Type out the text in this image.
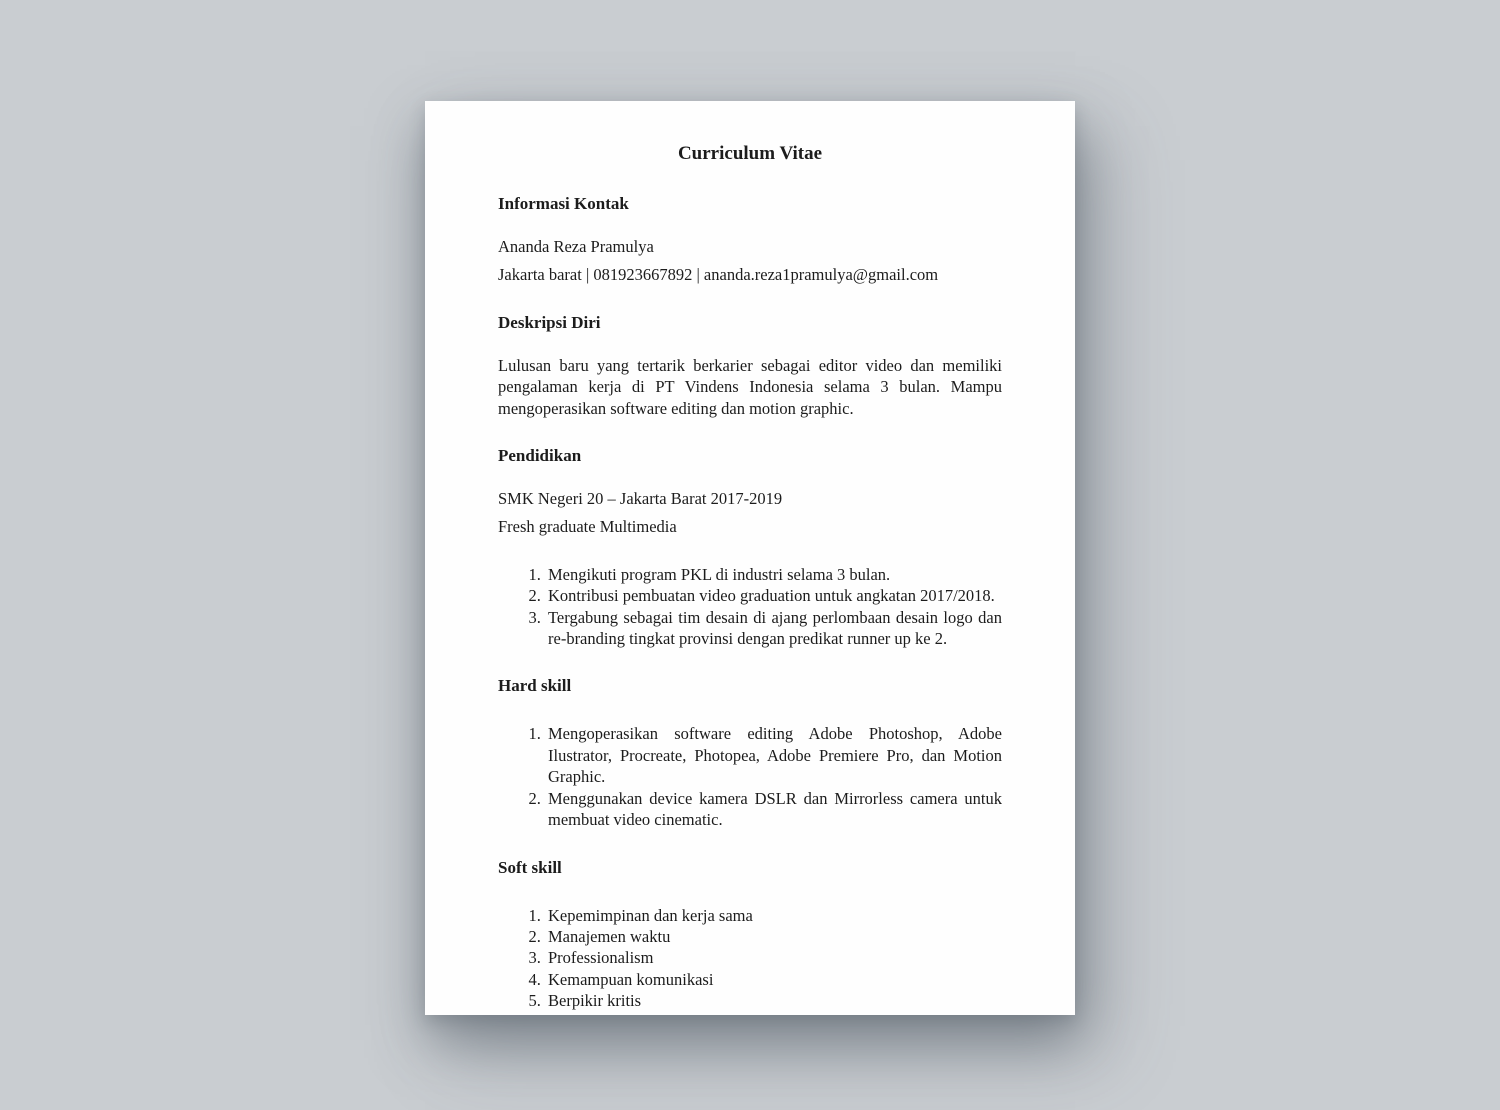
Curriculum Vitae
Informasi Kontak

Ananda Reza Pramulya

Jakarta barat | 081923667892 | ananda.reza1pramulya@gmail.com

Deskripsi Diri

Lulusan baru yang tertarik berkarier sebagai editor video dan memiliki pengalaman kerja di PT Vindens Indonesia selama 3 bulan. Mampu mengoperasikan software editing dan motion graphic.

Pendidikan

SMK Negeri 20 – Jakarta Barat 2017-2019

Fresh graduate Multimedia

1. Mengikuti program PKL di industri selama 3 bulan.
2. Kontribusi pembuatan video graduation untuk angkatan 2017/2018.
3. Tergabung sebagai tim desain di ajang perlombaan desain logo dan re-branding tingkat provinsi dengan predikat runner up ke 2.
Hard skill
1. Mengoperasikan software editing Adobe Photoshop, Adobe Ilustrator, Procreate, Photopea, Adobe Premiere Pro, dan Motion Graphic.
2. Menggunakan device kamera DSLR dan Mirrorless camera untuk membuat video cinematic.
Soft skill
1. Kepemimpinan dan kerja sama
2. Manajemen waktu
3. Professionalism
4. Kemampuan komunikasi
5. Berpikir kritis
